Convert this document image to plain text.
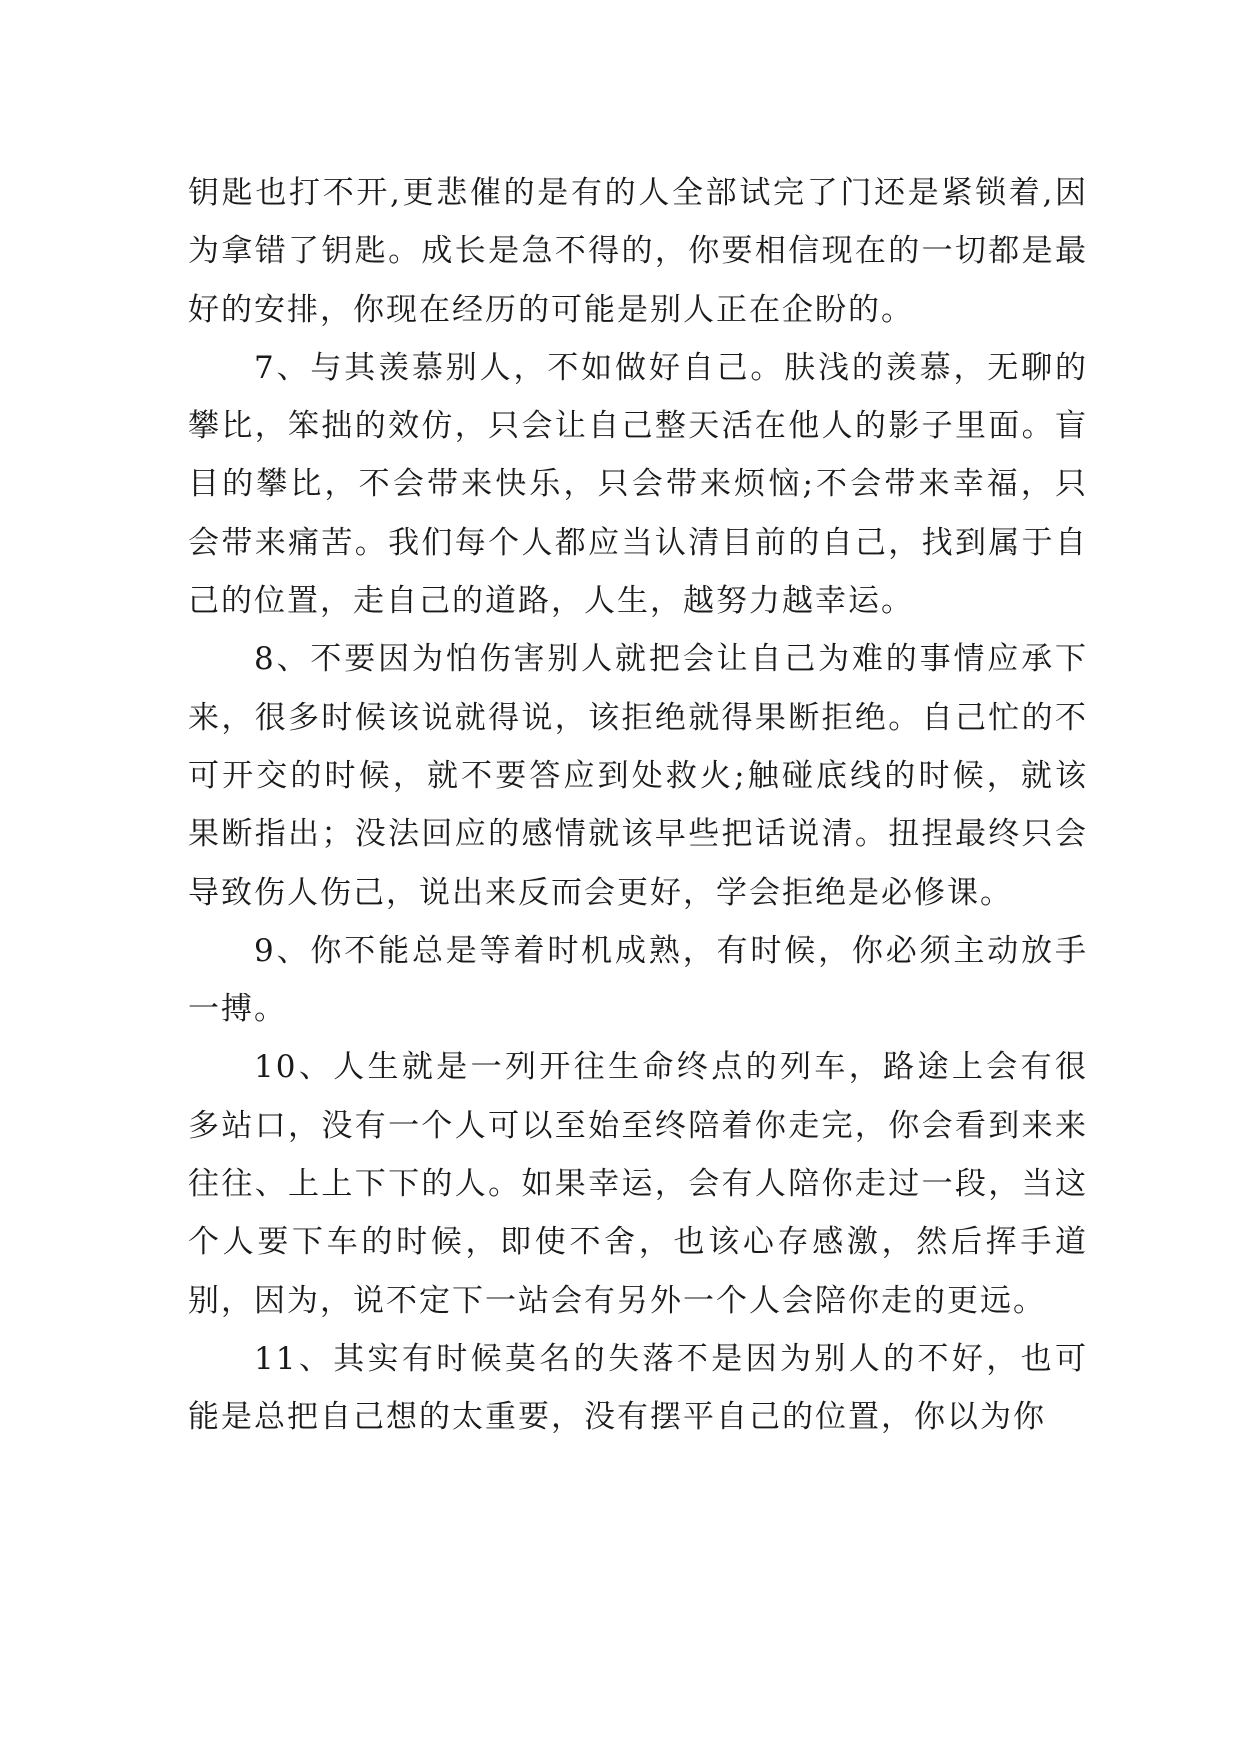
钥匙也打不开,更悲催的是有的人全部试完了门还是紧锁着,因为拿错了钥匙。成长是急不得的，你要相信现在的一切都是最好的安排，你现在经历的可能是别人正在企盼的。

7、与其羡慕别人，不如做好自己。肤浅的羡慕，无聊的攀比，笨拙的效仿，只会让自己整天活在他人的影子里面。盲目的攀比，不会带来快乐，只会带来烦恼;不会带来幸福，只会带来痛苦。我们每个人都应当认清目前的自己，找到属于自己的位置，走自己的道路，人生，越努力越幸运。

8、不要因为怕伤害别人就把会让自己为难的事情应承下来，很多时候该说就得说，该拒绝就得果断拒绝。自己忙的不可开交的时候，就不要答应到处救火;触碰底线的时候，就该果断指出；没法回应的感情就该早些把话说清。扭捏最终只会导致伤人伤己，说出来反而会更好，学会拒绝是必修课。

9、你不能总是等着时机成熟，有时候，你必须主动放手一搏。

10、人生就是一列开往生命终点的列车，路途上会有很多站口，没有一个人可以至始至终陪着你走完，你会看到来来往往、上上下下的人。如果幸运，会有人陪你走过一段，当这个人要下车的时候，即使不舍，也该心存感激，然后挥手道别，因为，说不定下一站会有另外一个人会陪你走的更远。

11、其实有时候莫名的失落不是因为别人的不好，也可能是总把自己想的太重要，没有摆平自己的位置，你以为你
